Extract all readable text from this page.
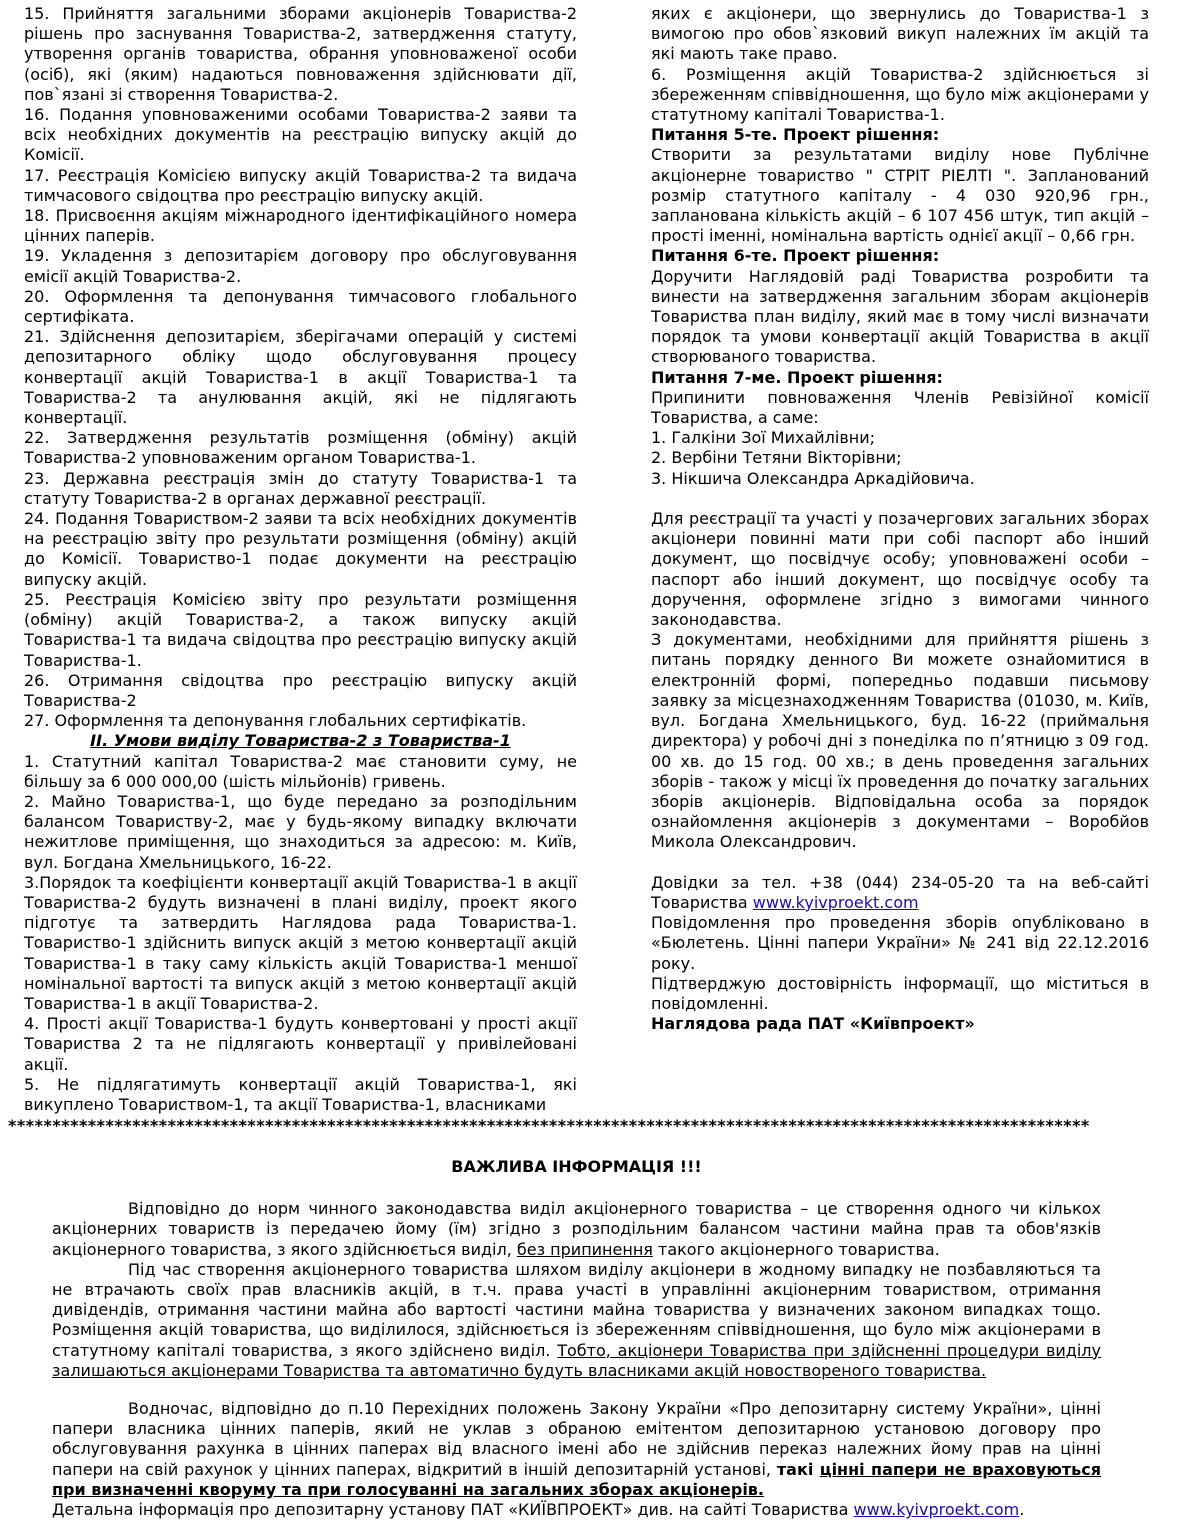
15. Прийняття загальними зборами акціонерів Товариства-2 рішень про заснування Товариства-2, затвердження статуту, утворення органів товариства, обрання уповноваженої особи (осіб), які (яким) надаються повноваження здійснювати дії, пов`язані зі створення Товариства-2.

16. Подання уповноваженими особами Товариства-2 заяви та всіх необхідних документів на реєстрацію випуску акцій до Комісії.

17. Реєстрація Комісією випуску акцій Товариства-2 та видача тимчасового свідоцтва про реєстрацію випуску акцій.

18. Присвоєння акціям міжнародного ідентифікаційного номера цінних паперів.

19. Укладення з депозитарієм договору про обслуговування емісії акцій Товариства-2.

20. Оформлення та депонування тимчасового глобального сертифіката.

21. Здійснення депозитарієм, зберігачами операцій у системі депозитарного обліку щодо обслуговування процесу конвертації акцій Товариства-1 в акції Товариства-1 та Товариства-2 та анулювання акцій, які не підлягають конвертації.

22. Затвердження результатів розміщення (обміну) акцій Товариства-2 уповноваженим органом Товариства-1.

23. Державна реєстрація змін до статуту Товариства-1 та статуту Товариства-2 в органах державної реєстрації.

24. Подання Товариством-2 заяви та всіх необхідних документів на реєстрацію звіту про результати розміщення (обміну) акцій до Комісії. Товариство-1 подає документи на реєстрацію випуску акцій.

25. Реєстрація Комісією звіту про результати розміщення (обміну) акцій Товариства-2, а також випуску акцій Товариства-1 та видача свідоцтва про реєстрацію випуску акцій Товариства-1.

26. Отримання свідоцтва про реєстрацію випуску акцій Товариства-2

27. Оформлення та депонування глобальних сертифікатів.

ІІ. Умови виділу Товариства-2 з Товариства-1

1. Статутний капітал Товариства-2 має становити суму, не більшу за 6 000 000,00 (шість мільйонів) гривень.

2. Майно Товариства-1, що буде передано за розподільним балансом Товариству-2, має у будь-якому випадку включати нежитлове приміщення, що знаходиться за адресою: м. Київ, вул. Богдана Хмельницького, 16-22.

3.Порядок та коефіцієнти конвертації акцій Товариства-1 в акції Товариства-2 будуть визначені в плані виділу, проект якого підготує та затвердить Наглядова рада Товариства-1. Товариство-1 здійснить випуск акцій з метою конвертації акцій Товариства-1 в таку саму кількість акцій Товариства-1 меншої номінальної вартості та випуск акцій з метою конвертації акцій Товариства-1 в акції Товариства-2.

4. Прості акції Товариства-1 будуть конвертовані у прості акції Товариства 2 та не підлягають конвертації у привілейовані акції.

5. Не підлягатимуть конвертації акцій Товариства-1, які викуплено Товариством-1, та акції Товариства-1, власниками

яких є акціонери, що звернулись до Товариства-1 з вимогою про обов`язковий викуп належних їм акцій та які мають таке право.

6. Розміщення акцій Товариства-2 здійснюється зі збереженням співвідношення, що було між акціонерами у статутному капіталі Товариства-1.

Питання 5-те. Проект рішення:

Створити за результатами виділу нове Публічне акціонерне товариство " СТРІТ РІЕЛТІ ". Запланований розмір статутного капіталу - 4 030 920,96 грн., запланована кількість акцій – 6 107 456 штук, тип акцій – прості іменні, номінальна вартість однієї акції – 0,66 грн.

Питання 6-те. Проект рішення:

Доручити Наглядовій раді Товариства розробити та винести на затвердження загальним зборам акціонерів Товариства план виділу, який має в тому числі визначати порядок та умови конвертації акцій Товариства в акції створюваного товариства.

Питання 7-ме. Проект рішення:

Припинити повноваження Членів Ревізійної комісії Товариства, а саме:

1. Галкіни Зої Михайлівни;

2. Вербіни Тетяни Вікторівни;

3. Нікшича Олександра Аркадійовича.

Для реєстрації та участі у позачергових загальних зборах акціонери повинні мати при собі паспорт або інший документ, що посвідчує особу; уповноважені особи – паспорт або інший документ, що посвідчує особу та доручення, оформлене згідно з вимогами чинного законодавства.

З документами, необхідними для прийняття рішень з питань порядку денного Ви можете ознайомитися в електронній формі, попередньо подавши письмову заявку за місцезнаходженням Товариства (01030, м. Київ, вул. Богдана Хмельницького, буд. 16-22 (приймальня директора) у робочі дні з понеділка по п’ятницю з 09 год. 00 хв. до 15 год. 00 хв.; в день проведення загальних зборів - також у місці їх проведення до початку загальних зборів акціонерів. Відповідальна особа за порядок ознайомлення акціонерів з документами – Воробйов Микола Олександрович.

Довідки за тел. +38 (044) 234-05-20 та на веб-сайті Товариства www.kyivproekt.com

Повідомлення про проведення зборів опубліковано в «Бюлетень. Цінні папери України» № 241 від 22.12.2016 року.

Підтверджую достовірність інформації, що міститься в повідомленні.

Наглядова рада ПАТ «Київпроект»
**************************************************************************************************************************
ВАЖЛИВА ІНФОРМАЦІЯ !!!

Відповідно до норм чинного законодавства виділ акціонерного товариства – це створення одного чи кількох акціонерних товариств із передачею йому (їм) згідно з розподільним балансом частини майна прав та обов'язків акціонерного товариства, з якого здійснюється виділ, без припинення такого акціонерного товариства.

Під час створення акціонерного товариства шляхом виділу акціонери в жодному випадку не позбавляються та не втрачають своїх прав власників акцій, в т.ч. права участі в управлінні акціонерним товариством, отримання дивідендів, отримання частини майна або вартості частини майна товариства у визначених законом випадках тощо. Розміщення акцій товариства, що виділилося, здійснюється із збереженням співвідношення, що було між акціонерами в статутному капіталі товариства, з якого здійснено виділ. Тобто, акціонери Товариства при здійсненні процедури виділу залишаються акціонерами Товариства та автоматично будуть власниками акцій новоствореного товариства.

Водночас, відповідно до п.10 Перехідних положень Закону України «Про депозитарну систему України», цінні папери власника цінних паперів, який не уклав з обраною емітентом депозитарною установою договору про обслуговування рахунка в цінних паперах від власного імені або не здійснив переказ належних йому прав на цінні папери на свій рахунок у цінних паперах, відкритий в іншій депозитарній установі, такі цінні папери не враховуються при визначенні кворуму та при голосуванні на загальних зборах акціонерів.

Детальна інформація про депозитарну установу ПАТ «КИЇВПРОЕКТ» див. на сайті Товариства www.kyivproekt.com.
